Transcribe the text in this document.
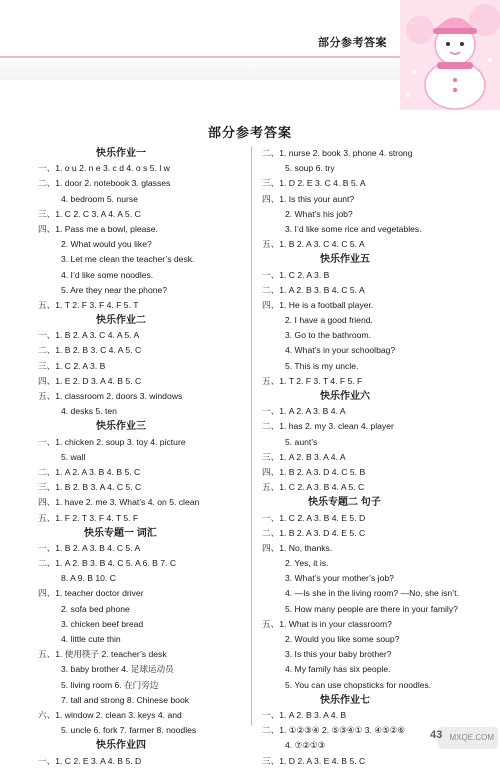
部分参考答案
部分参考答案
快乐作业一
一、1. o u 2. n e 3. c d 4. o s 5. l w
二、1. door 2. notebook 3. glasses
4. bedroom 5. nurse
三、1. C 2. C 3. A 4. A 5. C
四、1. Pass me a bowl, please.
2. What would you like?
3. Let me clean the teacher’s desk.
4. I’d like some noodles.
5. Are they near the phone?
五、1. T 2. F 3. F 4. F 5. T
快乐作业二
一、1. B 2. A 3. C 4. A 5. A
二、1. B 2. B 3. C 4. A 5. C
三、1. C 2. A 3. B
四、1. E 2. D 3. A 4. B 5. C
五、1. classroom 2. doors 3. windows
4. desks 5. ten
快乐作业三
一、1. chicken 2. soup 3. toy 4. picture
5. wall
二、1. A 2. A 3. B 4. B 5. C
三、1. B 2. B 3. A 4. C 5. C
四、1. have 2. me 3. What’s 4. on 5. clean
五、1. F 2. T 3. F 4. T 5. F
快乐专题一 词汇
一、1. B 2. A 3. B 4. C 5. A
二、1. A 2. B 3. B 4. C 5. A 6. B 7. C
8. A 9. B 10. C
四、1. teacher doctor driver
2. sofa bed phone
3. chicken beef bread
4. little cute thin
五、1. 使用筷子 2. teacher’s desk
3. baby brother 4. 足球运动员
5. living room 6. 在门旁边
7. tall and strong 8. Chinese book
六、1. window 2. clean 3. keys 4. and
5. uncle 6. fork 7. farmer 8. noodles
快乐作业四
一、1. C 2. E 3. A 4. B 5. D
二、1. nurse 2. book 3. phone 4. strong
5. soup 6. try
三、1. D 2. E 3. C 4. B 5. A
四、1. Is this your aunt?
2. What’s his job?
3. I’d like some rice and vegetables.
五、1. B 2. A 3. C 4. C 5. A
快乐作业五
一、1. C 2. A 3. B
二、1. A 2. B 3. B 4. C 5. A
四、1. He is a football player.
2. I have a good friend.
3. Go to the bathroom.
4. What’s in your schoolbag?
5. This is my uncle.
五、1. T 2. F 3. T 4. F 5. F
快乐作业六
一、1. A 2. A 3. B 4. A
二、1. has 2. my 3. clean 4. player
5. aunt’s
三、1. A 2. B 3. A 4. A
四、1. B 2. A 3. D 4. C 5. B
五、1. C 2. A 3. B 4. A 5. C
快乐专题二 句子
一、1. C 2. A 3. B 4. E 5. D
二、1. B 2. A 3. D 4. E 5. C
四、1. No, thanks.
2. Yes, it is.
3. What’s your mother’s job?
4. —Is she in the living room? —No, she isn’t.
5. How many people are there in your family?
五、1. What is in your classroom?
2. Would you like some soup?
3. Is this your baby brother?
4. My family has six people.
5. You can use chopsticks for noodles.
快乐作业七
一、1. A 2. B 3. A 4. B
二、1. ①②③④ 2. ⑤③④① 3. ④⑤②⑥
4. ⑦②①③
三、1. D 2. A 3. E 4. B 5. C
MXQE.COM
43
